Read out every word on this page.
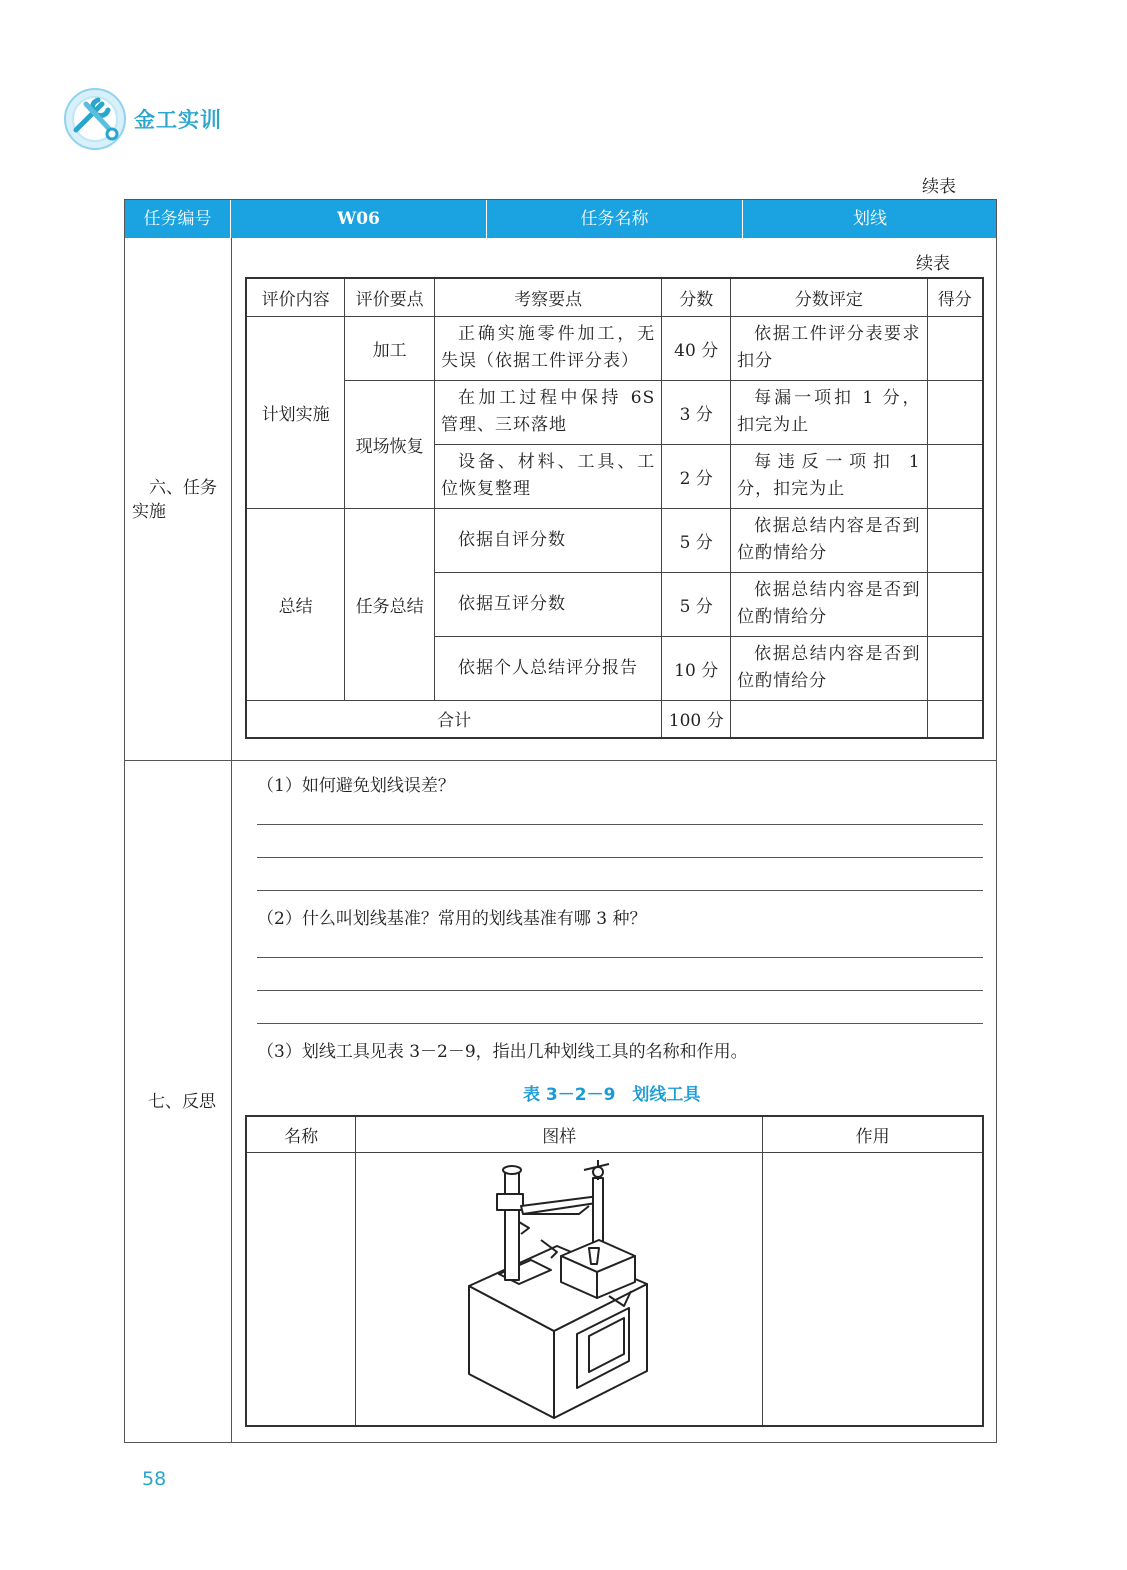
金工实训
续表
任务编号	W06	任务名称	划线
六、任务实施
七、反思
续表
评价内容	评价要点	考察要点	分数	分数评定	得分
计划实施	加工	正确实施零件加工，无失误（依据工件评分表）	40 分	依据工件评分表要求扣分	
	现场恢复	在加工过程中保持 6S 管理、三环落地	3 分	每漏一项扣 1 分，扣完为止	
		设备、材料、工具、工位恢复整理	2 分	每违反一项扣 1 分，扣完为止	
总结	任务总结	依据自评分数	5 分	依据总结内容是否到位酌情给分	
		依据互评分数	5 分	依据总结内容是否到位酌情给分	
		依据个人总结评分报告	10 分	依据总结内容是否到位酌情给分	
合计			100 分		
（1）如何避免划线误差？
（2）什么叫划线基准？常用的划线基准有哪 3 种？
（3）划线工具见表 3－2－9，指出几种划线工具的名称和作用。
表 3－2－9　划线工具
名称	图样	作用

58
